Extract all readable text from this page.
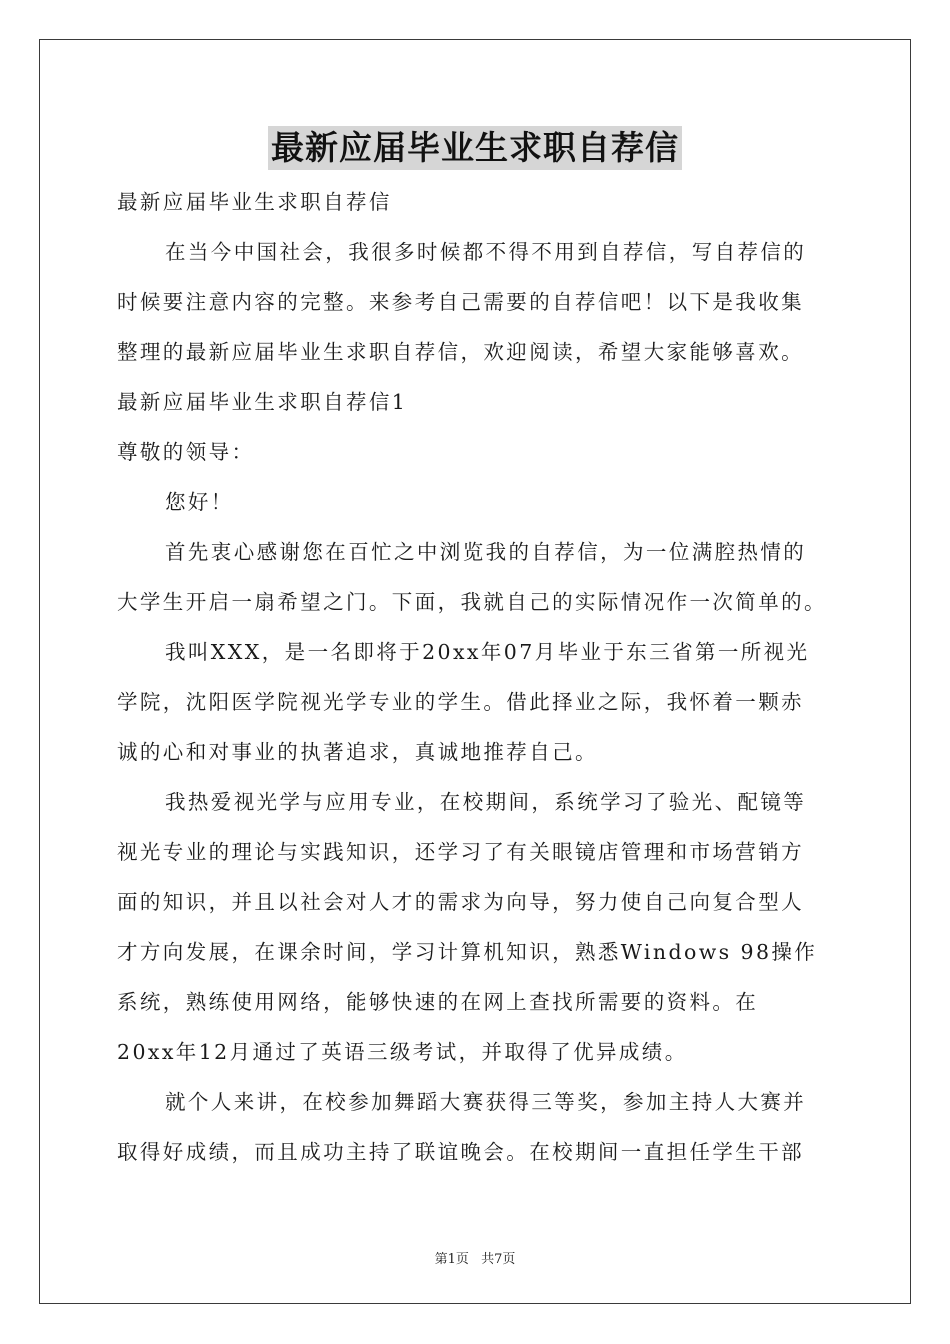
最新应届毕业生求职自荐信

最新应届毕业生求职自荐信

在当今中国社会，我很多时候都不得不用到自荐信，写自荐信的

时候要注意内容的完整。来参考自己需要的自荐信吧！以下是我收集

整理的最新应届毕业生求职自荐信，欢迎阅读，希望大家能够喜欢。

最新应届毕业生求职自荐信1

尊敬的领导：

您好！

首先衷心感谢您在百忙之中浏览我的自荐信，为一位满腔热情的

大学生开启一扇希望之门。下面，我就自己的实际情况作一次简单的。

我叫XXX，是一名即将于20xx年07月毕业于东三省第一所视光

学院，沈阳医学院视光学专业的学生。借此择业之际，我怀着一颗赤

诚的心和对事业的执著追求，真诚地推荐自己。

我热爱视光学与应用专业，在校期间，系统学习了验光、配镜等

视光专业的理论与实践知识，还学习了有关眼镜店管理和市场营销方

面的知识，并且以社会对人才的需求为向导，努力使自己向复合型人

才方向发展，在课余时间，学习计算机知识，熟悉Windows 98操作

系统，熟练使用网络，能够快速的在网上查找所需要的资料。在

20xx年12月通过了英语三级考试，并取得了优异成绩。

就个人来讲，在校参加舞蹈大赛获得三等奖，参加主持人大赛并

取得好成绩，而且成功主持了联谊晚会。在校期间一直担任学生干部

第1页 共7页
